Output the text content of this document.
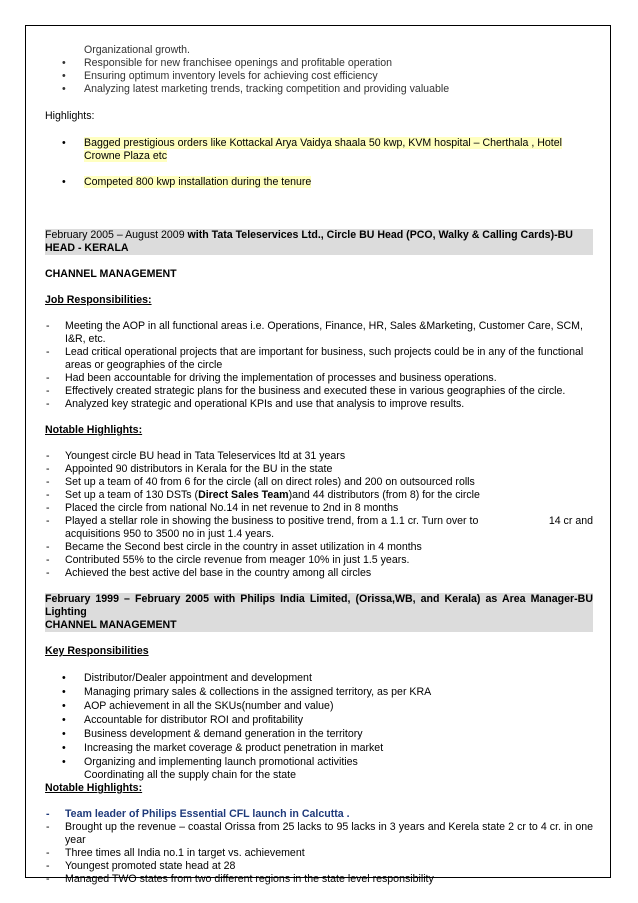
Organizational growth.
• Responsible for new franchisee openings and profitable operation
• Ensuring optimum inventory levels for achieving cost efficiency
• Analyzing latest marketing trends, tracking competition and providing valuable
Highlights:
• Bagged prestigious orders like Kottackal Arya Vaidya shaala 50 kwp, KVM hospital – Cherthala , Hotel Crowne Plaza etc
• Competed 800 kwp installation during the tenure
February 2005 – August 2009 with Tata Teleservices Ltd., Circle BU Head (PCO, Walky & Calling Cards)-BU HEAD - KERALA
CHANNEL MANAGEMENT
Job Responsibilities:
- Meeting the AOP in all functional areas i.e. Operations, Finance, HR, Sales &Marketing, Customer Care, SCM, I&R, etc.
- Lead critical operational projects that are important for business, such projects could be in any of the functional areas or geographies of the circle
- Had been accountable for driving the implementation of processes and business operations.
- Effectively created strategic plans for the business and executed these in various geographies of the circle.
- Analyzed key strategic and operational KPIs and use that analysis to improve results.
Notable Highlights:
- Youngest circle BU head in Tata Teleservices ltd at 31 years
- Appointed 90 distributors in Kerala for the BU in the state
- Set up a team of 40 from 6 for the circle (all on direct roles) and 200 on outsourced rolls
- Set up a team of 130 DSTs (Direct Sales Team)and 44 distributors (from 8) for the circle
- Placed the circle from national No.14 in net revenue to 2nd in 8 months
- Played a stellar role in showing the business to positive trend, from a 1.1 cr. Turn over to	14 cr and
acquisitions 950 to 3500 no in just 1.4 years.
- Became the Second best circle in the country in asset utilization in 4 months
- Contributed 55% to the circle revenue from meager 10% in just 1.5 years.
- Achieved the best active del base in the country among all circles
February 1999 – February 2005 with Philips India Limited, (Orissa,WB, and Kerala) as Area Manager-BU Lighting
CHANNEL MANAGEMENT
Key Responsibilities
• Distributor/Dealer appointment and development
• Managing primary sales & collections in the assigned territory, as per KRA
• AOP achievement in all the SKUs(number and value)
• Accountable for distributor ROI and profitability
• Business development & demand generation in the territory
• Increasing the market coverage & product penetration in market
• Organizing and implementing launch promotional activities
Coordinating all the supply chain for the state
Notable Highlights:
- Team leader of Philips Essential CFL launch in Calcutta .
- Brought up the revenue – coastal Orissa from 25 lacks to 95 lacks in 3 years and Kerela state 2 cr to 4 cr. in one year
- Three times all India no.1 in target vs. achievement
- Youngest promoted state head at 28
- Managed TWO states from two different regions in the state level responsibility
